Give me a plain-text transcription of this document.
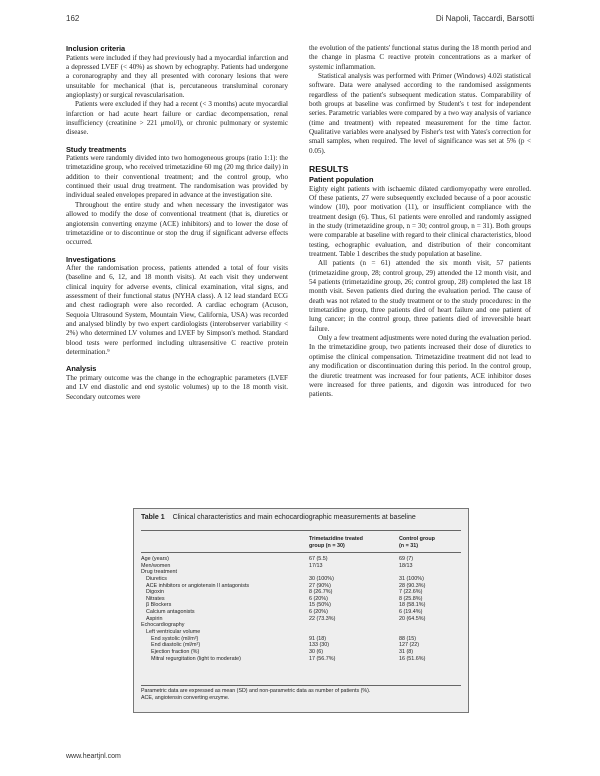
162	Di Napoli, Taccardi, Barsotti
Inclusion criteria

Patients were included if they had previously had a myocardial infarction and a depressed LVEF (< 40%) as shown by echography. Patients had undergone a coronarography and they all presented with coronary lesions that were unsuitable for mechanical (that is, percutaneous transluminal coronary angioplasty) or surgical revascularisation.

Patients were excluded if they had a recent (< 3 months) acute myocardial infarction or had acute heart failure or cardiac decompensation, renal insufficiency (creatinine > 221 μmol/l), or chronic pulmonary or systemic disease.

Study treatments

Patients were randomly divided into two homogeneous groups (ratio 1:1): the trimetazidine group, who received trimetazidine 60 mg (20 mg thrice daily) in addition to their conventional treatment; and the control group, who continued their usual drug treatment. The randomisation was provided by individual sealed envelopes prepared in advance at the investigation site.

Throughout the entire study and when necessary the investigator was allowed to modify the dose of conventional treatment (that is, diuretics or angiotensin converting enzyme (ACE) inhibitors) and to lower the dose of trimetazidine or to discontinue or stop the drug if significant adverse effects occurred.

Investigations

After the randomisation process, patients attended a total of four visits (baseline and 6, 12, and 18 month visits). At each visit they underwent clinical inquiry for adverse events, clinical examination, vital signs, and assessment of their functional status (NYHA class). A 12 lead standard ECG and chest radiograph were also recorded. A cardiac echogram (Acuson, Sequoia Ultrasound System, Mountain View, California, USA) was recorded and analysed blindly by two expert cardiologists (interobserver variability < 2%) who determined LV volumes and LVEF by Simpson's method. Standard blood tests were performed including ultrasensitive C reactive protein determination.⁹

Analysis

The primary outcome was the change in the echographic parameters (LVEF and LV end diastolic and end systolic volumes) up to the 18 month visit. Secondary outcomes were

the evolution of the patients' functional status during the 18 month period and the change in plasma C reactive protein concentrations as a marker of systemic inflammation.

Statistical analysis was performed with Primer (Windows) 4.02i statistical software. Data were analysed according to the randomised assignments regardless of the patient's subsequent medication status. Comparability of both groups at baseline was confirmed by Student's t test for independent series. Parametric variables were compared by a two way analysis of variance (time and treatment) with repeated measurement for the time factor. Qualitative variables were analysed by Fisher's test with Yates's correction for small samples, when required. The level of significance was set at 5% (p < 0.05).

RESULTS
Patient population

Eighty eight patients with ischaemic dilated cardiomyopathy were enrolled. Of these patients, 27 were subsequently excluded because of a poor acoustic window (10), poor motivation (11), or insufficient compliance with the treatment design (6). Thus, 61 patients were enrolled and randomly assigned in the study (trimetazidine group, n = 30; control group, n = 31). Both groups were comparable at baseline with regard to their clinical characteristics, blood testing, echographic evaluation, and distribution of their concomitant treatment. Table 1 describes the study population at baseline.

All patients (n = 61) attended the six month visit, 57 patients (trimetazidine group, 28; control group, 29) attended the 12 month visit, and 54 patients (trimetazidine group, 26; control group, 28) completed the last 18 month visit. Seven patients died during the evaluation period. The cause of death was not related to the study treatment or to the study procedures: in the trimetazidine group, three patients died of heart failure and one patient of lung cancer; in the control group, three patients died of irreversible heart failure.

Only a few treatment adjustments were noted during the evaluation period. In the trimetazidine group, two patients increased their dose of diuretics to optimise the clinical compensation. Trimetazidine treatment did not lead to any modification or discontinuation during this period. In the control group, the diuretic treatment was increased for four patients, ACE inhibitor doses were increased for three patients, and digoxin was introduced for two patients.

Table 1 Clinical characteristics and main echocardiographic measurements at baseline
Trimetazidine treated
group (n = 30)
Control group
(n = 31)
Age (years)	67 (5.5)	69 (7)
Men/women	17/13	18/13
Drug treatment
Diuretics	30 (100%)	31 (100%)
ACE inhibitors or angiotensin II antagonists	27 (90%)	28 (90.3%)
Digoxin	8 (26.7%)	7 (22.6%)
Nitrates	6 (20%)	8 (25.8%)
β Blockers	15 (50%)	18 (58.1%)
Calcium antagonists	6 (20%)	6 (19.4%)
Aspirin	22 (73.3%)	20 (64.5%)
Echocardiography
Left ventricular volume
End systolic (ml/m²)	91 (18)	88 (15)
End diastolic (ml/m²)	133 (30)	127 (22)
Ejection fraction (%)	30 (6)	31 (8)
Mitral regurgitation (light to moderate)	17 (56.7%)	16 (51.6%)
Parametric data are expressed as mean (SD) and non-parametric data as number of patients (%).
ACE, angiotensin converting enzyme.
www.heartjnl.com
